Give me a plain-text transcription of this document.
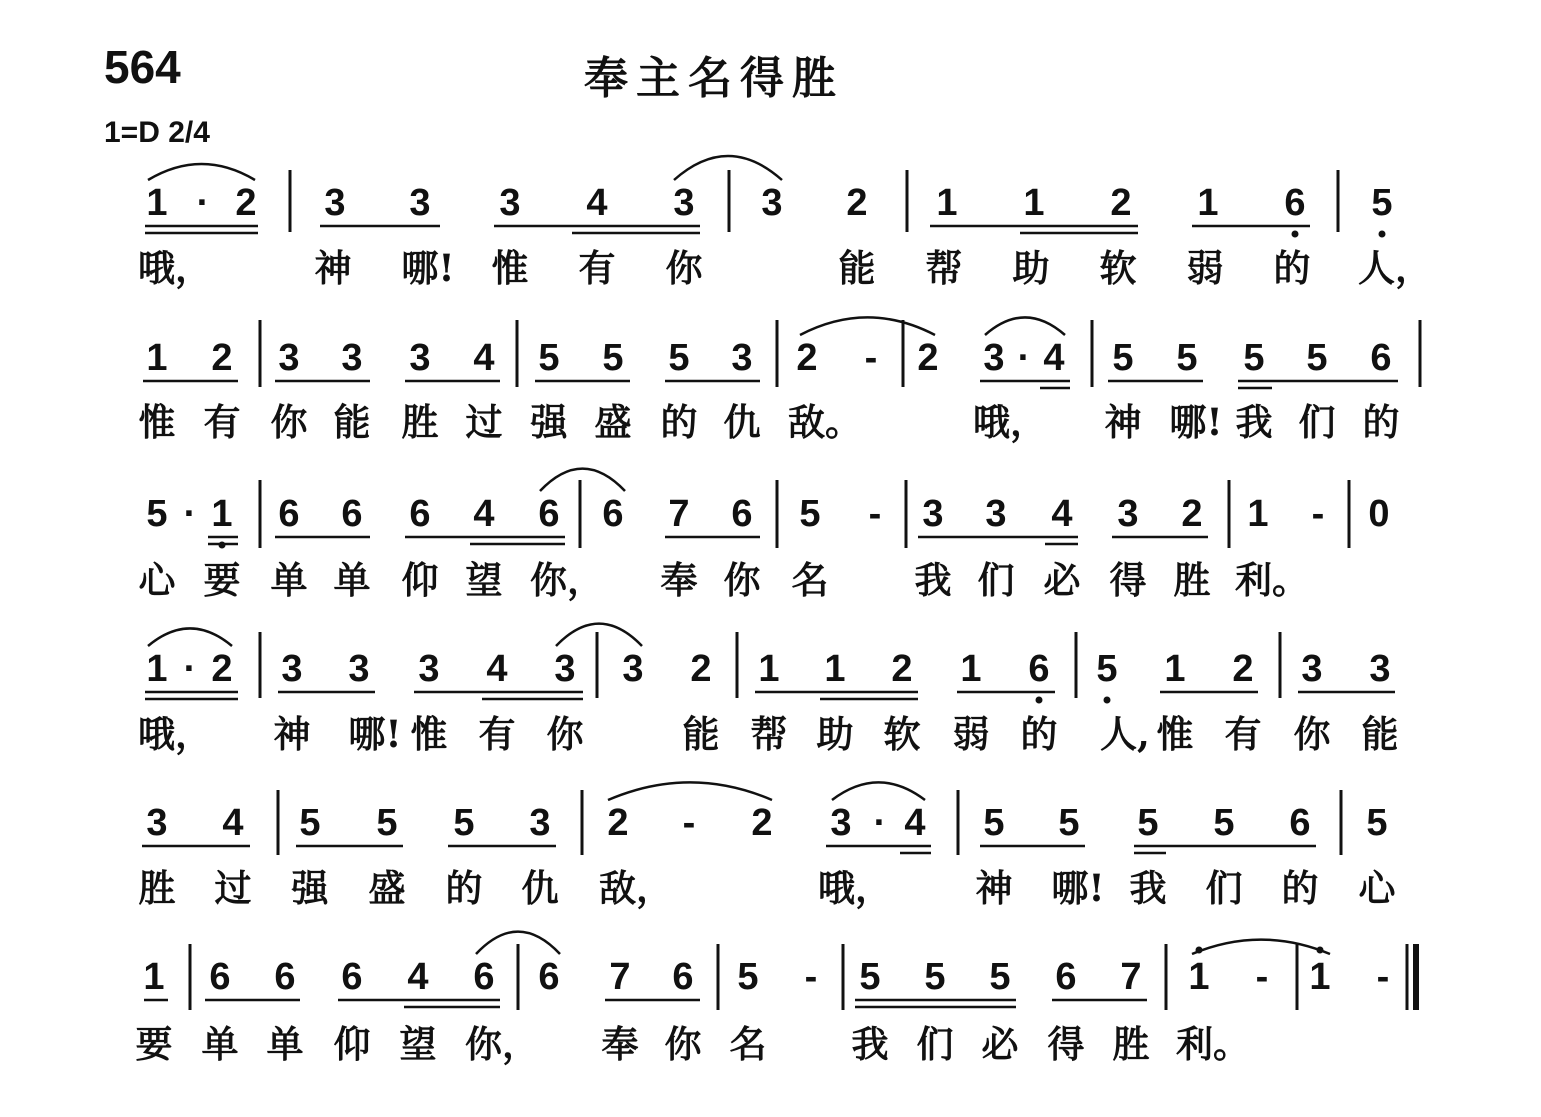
564	奉主名得胜
1=D 2/4
1 · 2 3 3 3 4 3 3 2 1 1 2 1 6 5
哦，	神 哪! 惟 有 你	能 帮 助 软 弱 的 人，
1 2 3 3 3 4 5 5 5 3 2 - 2 3 · 4 5 5 5 5 6
惟 有 你 能 胜 过 强 盛 的 仇 敌。	哦， 神 哪! 我 们 的
5 · 1 6 6 6 4 6 6 7 6 5 - 3 3 4 3 2 1 - 0
心 要 单 单 仰 望 你， 奉 你 名 我 们 必 得 胜 利。
1 · 2 3 3 3 4 3 3 2 1 1 2 1 6 5 1 2 3 3
哦， 神 哪! 惟 有 你	能 帮 助 软 弱 的 人, 惟 有 你 能
3 4 5 5 5 3 2 - 2 3 · 4 5 5 5 5 6 5
胜 过 强 盛 的 仇 敌，	哦， 神 哪! 我 们 的 心
1 6 6 6 4 6 6 7 6 5 - 5 5 5 6 7 1 - 1 -
要 单 单 仰 望 你， 奉 你 名 我 们 必 得 胜 利。
